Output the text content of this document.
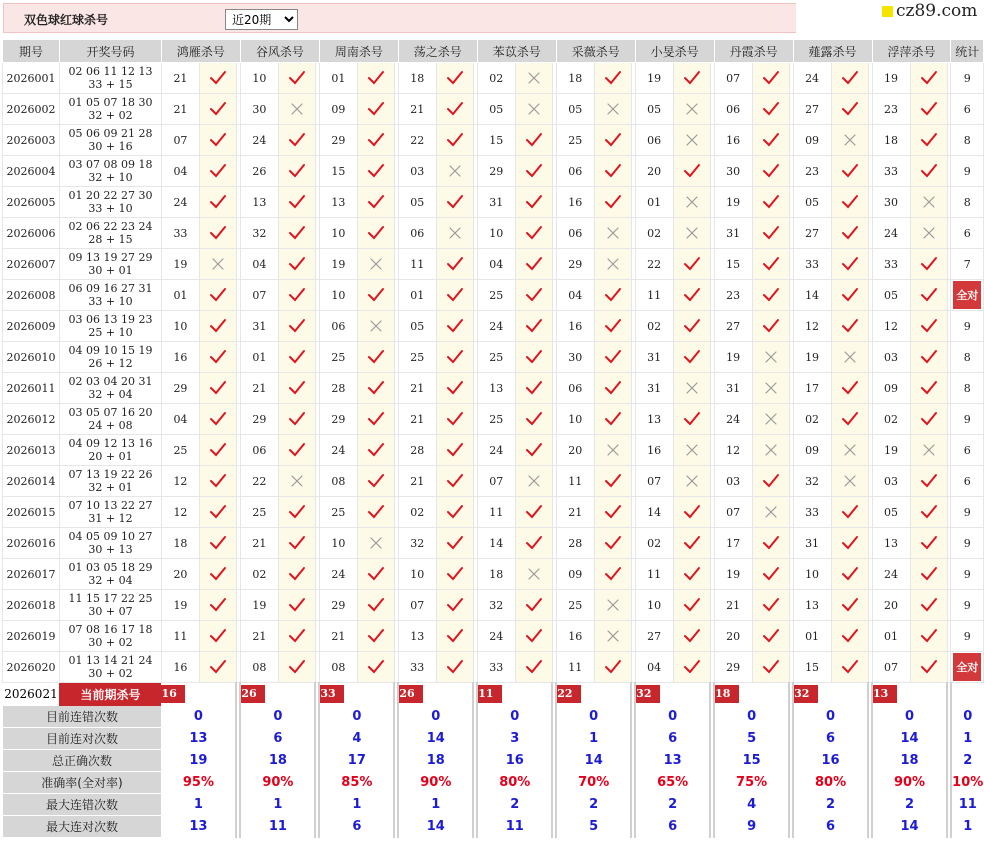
双色球红球杀号
近20期	cz89.com
期号	开奖号码	鸿雁杀号			谷风杀号			周南杀号			荡之杀号			苯苡杀号			采薇杀号			小旻杀号			丹霞杀号			薤露杀号			浮萍杀号			统计
2026001	02 06 11 12 13 33 + 15	21			10			01			18			02			18			19			07			24			19			9
2026002	01 05 07 18 30 32 + 02	21			30			09			21			05			05			05			06			27			23			6
2026003	05 06 09 21 28 30 + 16	07			24			29			22			15			25			06			16			09			18			8
2026004	03 07 08 09 18 32 + 10	04			26			15			03			29			06			20			30			23			33			9
2026005	01 20 22 27 30 33 + 10	24			13			13			05			31			16			01			19			05			30			8
2026006	02 06 22 23 24 28 + 15	33			32			10			06			10			06			02			31			27			24			6
2026007	09 13 19 27 29 30 + 01	19			04			19			11			04			29			22			15			33			33			7
2026008	06 09 16 27 31 33 + 10	01			07			10			01			25			04			11			23			14			05			全对
2026009	03 06 13 19 23 25 + 10	10			31			06			05			24			16			02			27			12			12			9
2026010	04 09 10 15 19 26 + 12	16			01			25			25			25			30			31			19			19			03			8
2026011	02 03 04 20 31 32 + 04	29			21			28			21			13			06			31			31			17			09			8
2026012	03 05 07 16 20 24 + 08	04			29			29			21			25			10			13			24			02			02			9
2026013	04 09 12 13 16 20 + 01	25			06			24			28			24			20			16			12			09			19			6
2026014	07 13 19 22 26 32 + 01	12			22			08			21			07			11			07			03			32			03			6
2026015	07 10 13 22 27 31 + 12	12			25			25			02			11			21			14			07			33			05			9
2026016	04 05 09 10 27 30 + 13	18			21			10			32			14			28			02			17			31			13			9
2026017	01 03 05 18 29 32 + 04	20			02			24			10			18			09			11			19			10			24			9
2026018	11 15 17 22 25 30 + 07	19			19			29			07			32			25			10			21			13			20			9
2026019	07 08 16 17 18 30 + 02	11			21			21			13			24			16			27			20			01			01			9
2026020	01 13 14 21 24 30 + 02	16			08			08			33			33			11			04			29			15			07			全对
2026021	当前期杀号	16			26			33			26			11			22			32			18			32			13			
目前连错次数		0			0			0			0			0			0			0			0			0			0			0
目前连对次数		13			6			4			14			3			1			6			5			6			14			1
总正确次数		19			18			17			18			16			14			13			15			16			18			2
准确率(全对率)		95%			90%			85%			90%			80%			70%			65%			75%			80%			90%			10%
最大连错次数		1			1			1			1			2			2			2			4			2			2			11
最大连对次数		13			11			6			14			11			5			6			9			6			14			1
